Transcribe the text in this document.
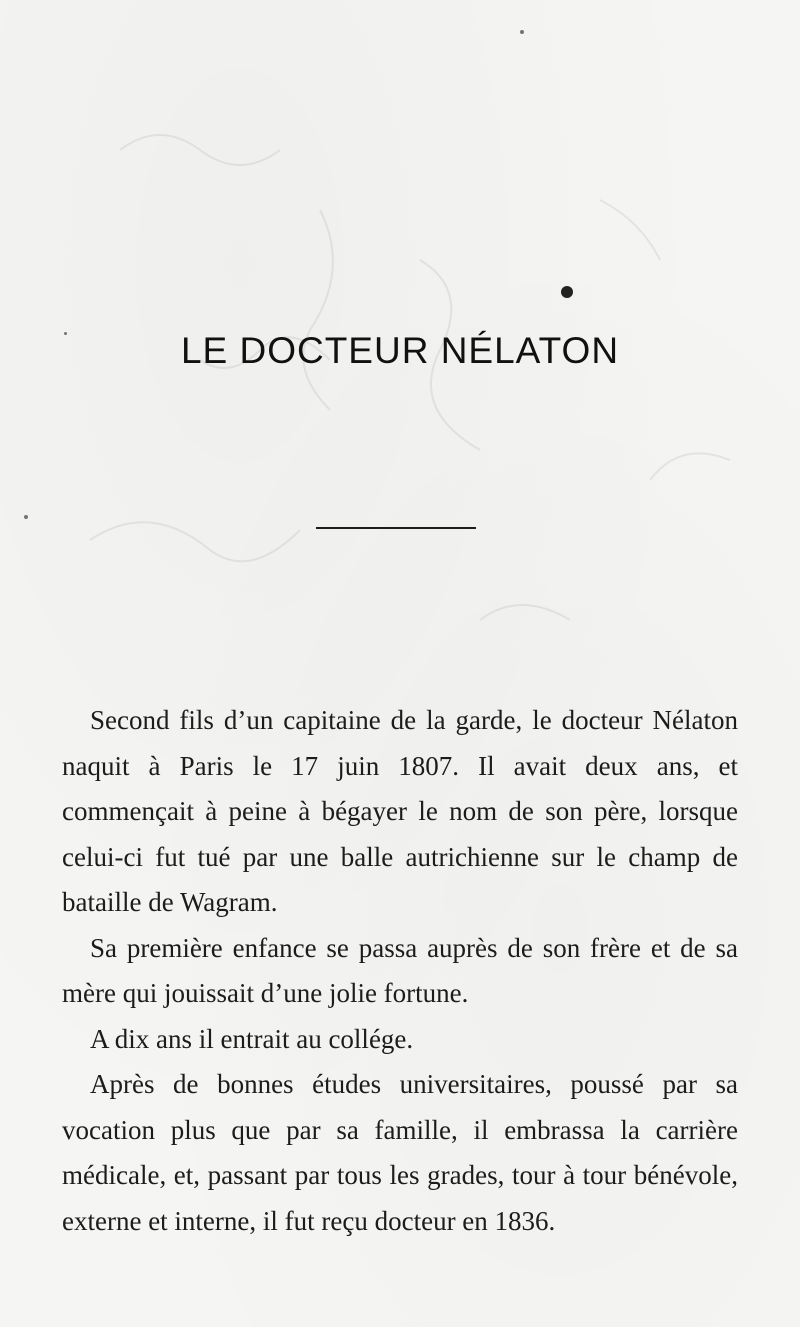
LE DOCTEUR NÉLATON

Second fils d’un capitaine de la garde, le docteur Nélaton naquit à Paris le 17 juin 1807. Il avait deux ans, et commençait à peine à bégayer le nom de son père, lorsque celui-ci fut tué par une balle autrichienne sur le champ de bataille de Wagram.

Sa première enfance se passa auprès de son frère et de sa mère qui jouissait d’une jolie fortune.

A dix ans il entrait au collége.

Après de bonnes études universitaires, poussé par sa vocation plus que par sa famille, il embrassa la carrière médicale, et, passant par tous les grades, tour à tour bénévole, externe et interne, il fut reçu docteur en 1836.
